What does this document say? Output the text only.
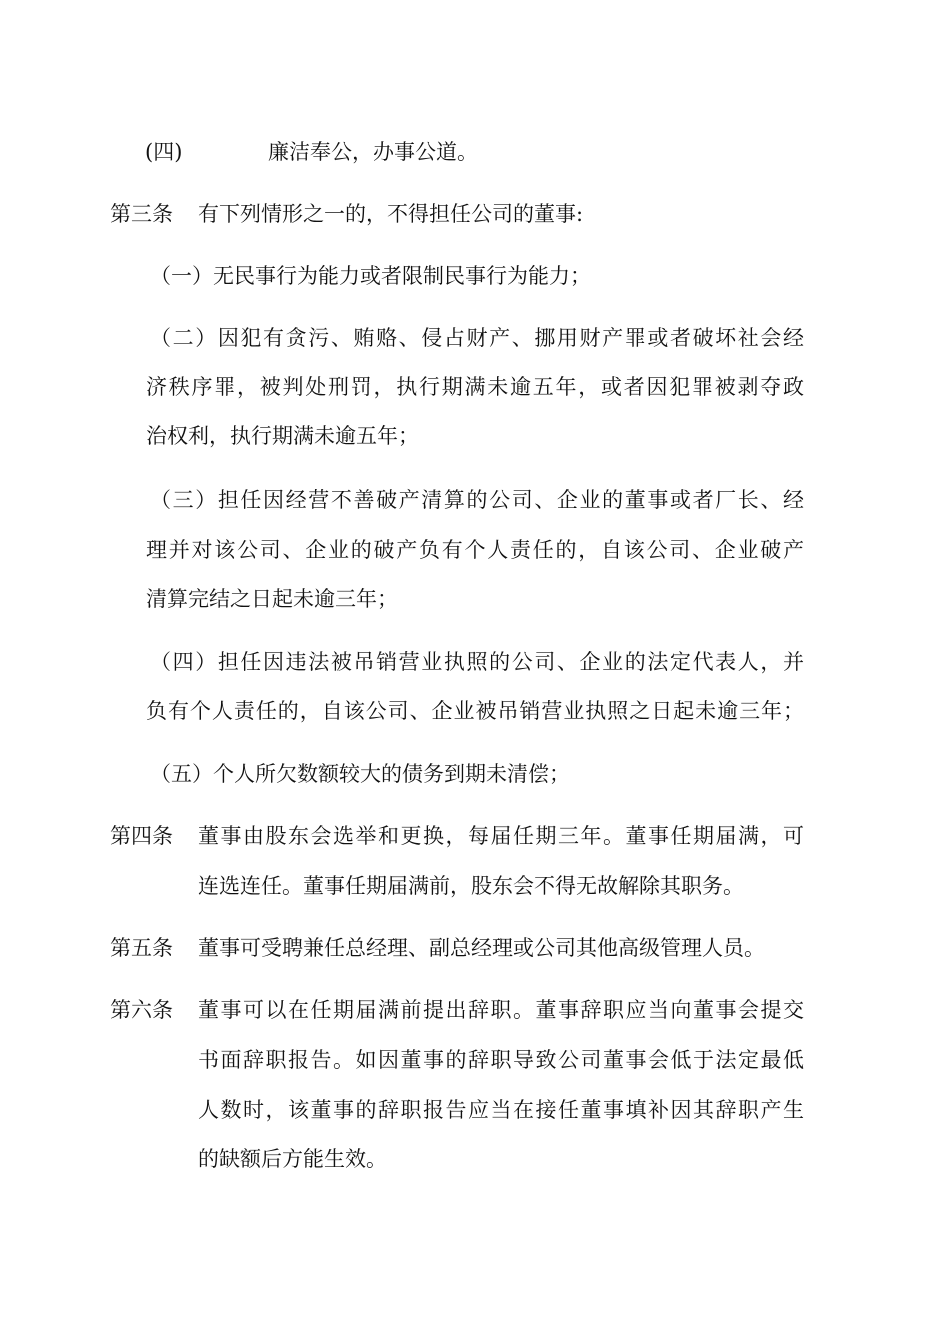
(四)	廉洁奉公，办事公道。
第三条 有下列情形之一的，不得担任公司的董事:
（一）无民事行为能力或者限制民事行为能力；
（二）因犯有贪污、贿赂、侵占财产、挪用财产罪或者破坏社会经
济秩序罪，被判处刑罚，执行期满未逾五年，或者因犯罪被剥夺政
治权利，执行期满未逾五年；
（三）担任因经营不善破产清算的公司、企业的董事或者厂长、经
理并对该公司、企业的破产负有个人责任的，自该公司、企业破产
清算完结之日起未逾三年；
（四）担任因违法被吊销营业执照的公司、企业的法定代表人，并
负有个人责任的，自该公司、企业被吊销营业执照之日起未逾三年；
（五）个人所欠数额较大的债务到期未清偿；
第四条 董事由股东会选举和更换，每届任期三年。董事任期届满，可
连选连任。董事任期届满前，股东会不得无故解除其职务。
第五条 董事可受聘兼任总经理、副总经理或公司其他高级管理人员。
第六条 董事可以在任期届满前提出辞职。董事辞职应当向董事会提交
书面辞职报告。如因董事的辞职导致公司董事会低于法定最低
人数时，该董事的辞职报告应当在接任董事填补因其辞职产生
的缺额后方能生效。
